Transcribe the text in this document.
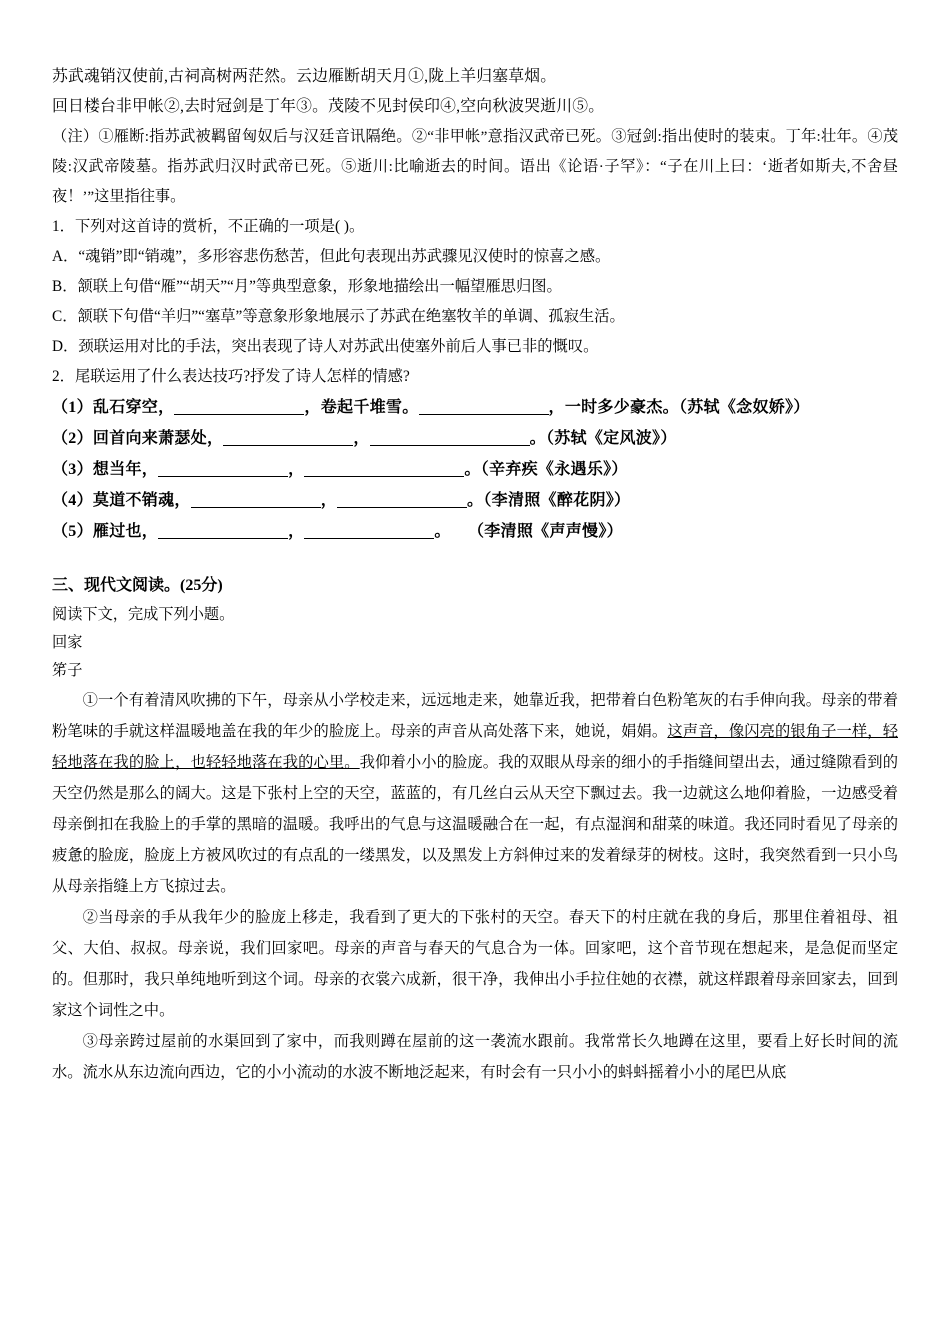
苏武魂销汉使前,古祠高树两茫然。云边雁断胡天月①,陇上羊归塞草烟。
回日楼台非甲帐②,去时冠剑是丁年③。茂陵不见封侯印④,空向秋波哭逝川⑤。
（注）①雁断:指苏武被羁留匈奴后与汉廷音讯隔绝。②“非甲帐”意指汉武帝已死。③冠剑:指出使时的装束。丁年:壮年。④茂陵:汉武帝陵墓。指苏武归汉时武帝已死。⑤逝川:比喻逝去的时间。语出《论语·子罕》：“子在川上曰：‘逝者如斯夫,不舍昼夜！’”这里指往事。
1．下列对这首诗的赏析，不正确的一项是( )。
A．“魂销”即“销魂”，多形容悲伤愁苦，但此句表现出苏武骤见汉使时的惊喜之感。
B．颔联上句借“雁”“胡天”“月”等典型意象，形象地描绘出一幅望雁思归图。
C．颔联下句借“羊归”“塞草”等意象形象地展示了苏武在绝塞牧羊的单调、孤寂生活。
D．颈联运用对比的手法，突出表现了诗人对苏武出使塞外前后人事已非的慨叹。
2．尾联运用了什么表达技巧?抒发了诗人怎样的情感?
（1）乱石穿空，	，卷起千堆雪。	，一时多少豪杰。（苏轼《念奴娇》）
（2）回首向来萧瑟处，	，	。（苏轼《定风波》）
（3）想当年，	，	。（辛弃疾《永遇乐》）
（4）莫道不销魂，	，	。（李清照《醉花阴》）
（5）雁过也，	，	。 （李清照《声声慢》）
三、现代文阅读。(25分)
阅读下文，完成下列小题。
回家
笫子
①一个有着清风吹拂的下午，母亲从小学校走来，远远地走来，她靠近我，把带着白色粉笔灰的右手伸向我。母亲的带着粉笔味的手就这样温暖地盖在我的年少的脸庞上。母亲的声音从高处落下来，她说，娟娟。这声音，像闪亮的银角子一样，轻轻地落在我的脸上，也轻轻地落在我的心里。我仰着小小的脸庞。我的双眼从母亲的细小的手指缝间望出去，通过缝隙看到的天空仍然是那么的阔大。这是下张村上空的天空，蓝蓝的，有几丝白云从天空下飘过去。我一边就这么地仰着脸，一边感受着母亲倒扣在我脸上的手掌的黑暗的温暖。我呼出的气息与这温暖融合在一起，有点湿润和甜菜的味道。我还同时看见了母亲的疲惫的脸庞，脸庞上方被风吹过的有点乱的一缕黑发，以及黑发上方斜伸过来的发着绿芽的树枝。这时，我突然看到一只小鸟从母亲指缝上方飞掠过去。
②当母亲的手从我年少的脸庞上移走，我看到了更大的下张村的天空。春天下的村庄就在我的身后，那里住着祖母、祖父、大伯、叔叔。母亲说，我们回家吧。母亲的声音与春天的气息合为一体。回家吧，这个音节现在想起来，是急促而坚定的。但那时，我只单纯地听到这个词。母亲的衣裳六成新，很干净，我伸出小手拉住她的衣襟，就这样跟着母亲回家去，回到家这个词性之中。
③母亲跨过屋前的水渠回到了家中，而我则蹲在屋前的这一袭流水跟前。我常常长久地蹲在这里，要看上好长时间的流水。流水从东边流向西边，它的小小流动的水波不断地泛起来，有时会有一只小小的蚪蚪摇着小小的尾巴从底
